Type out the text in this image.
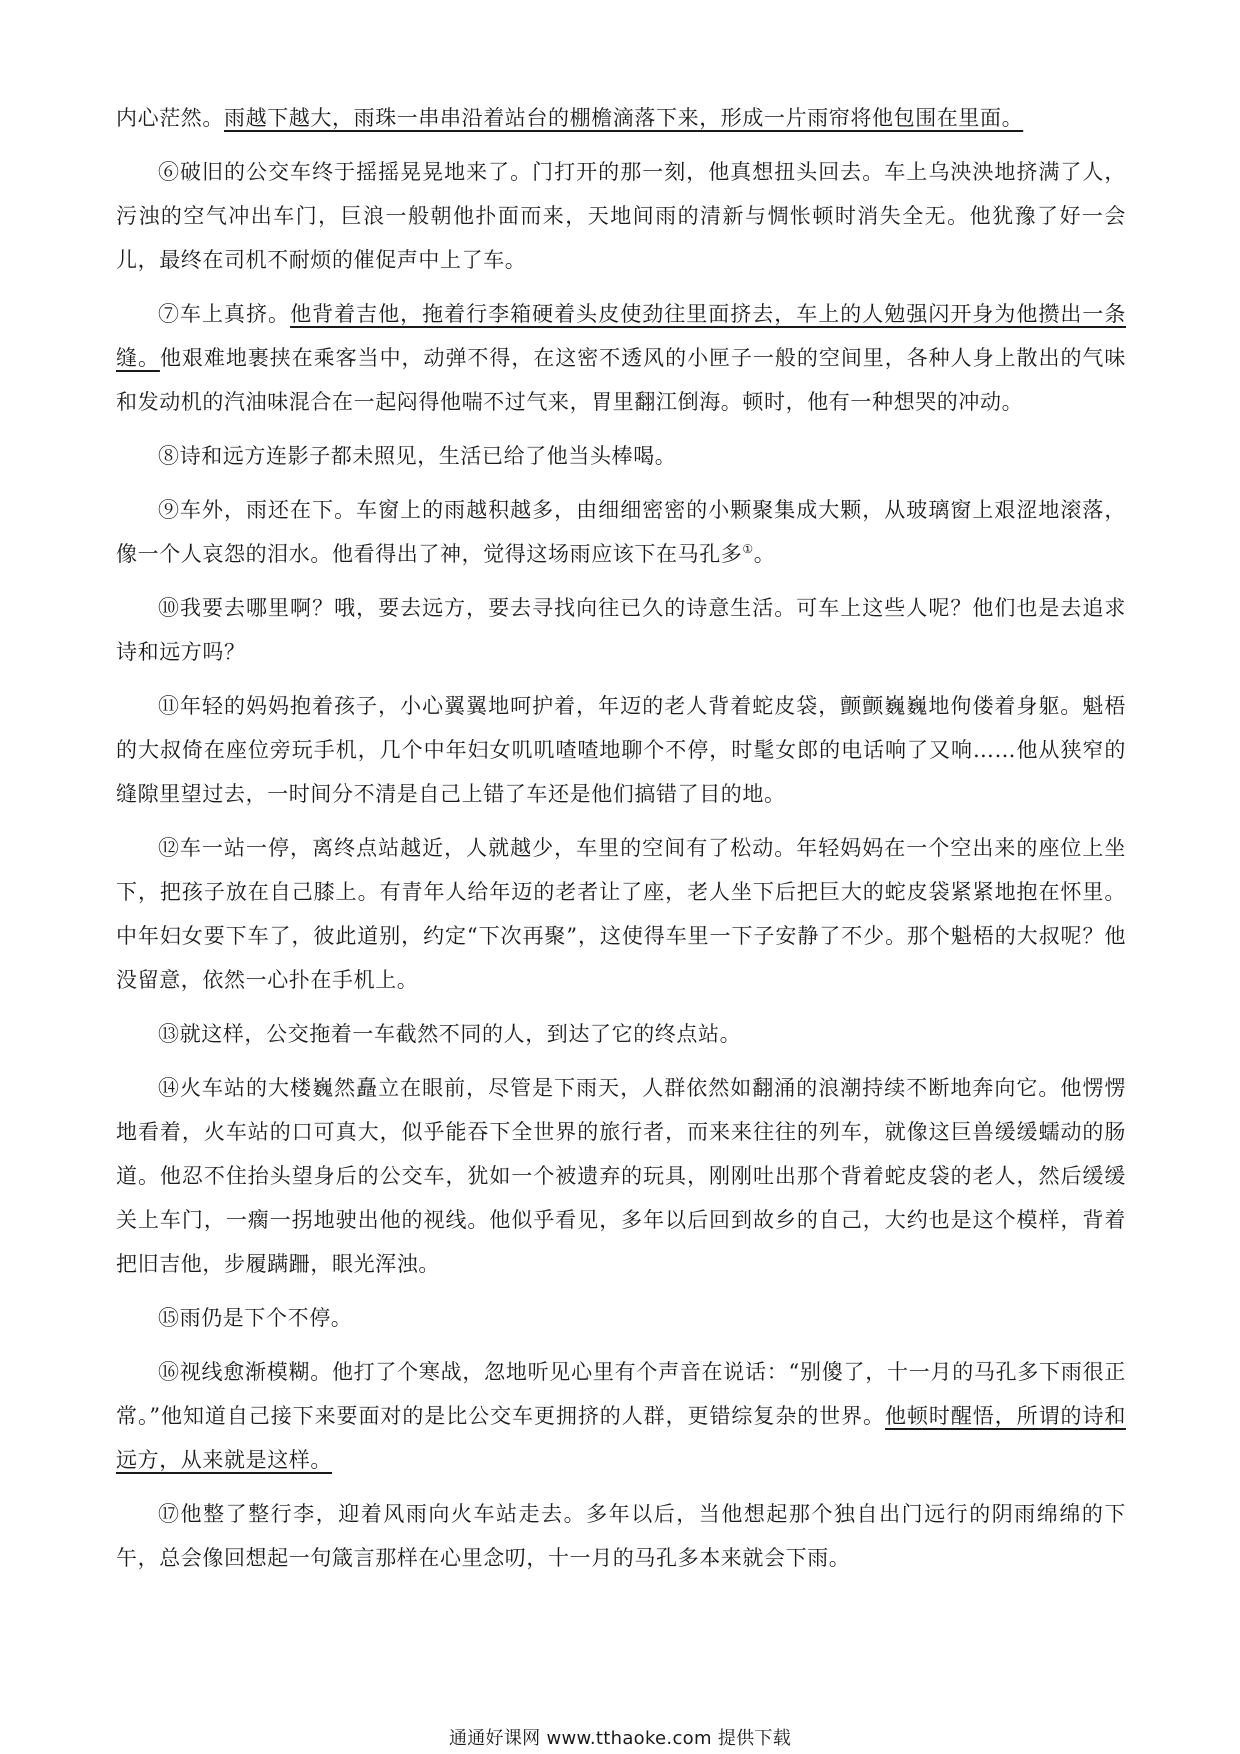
内心茫然。雨越下越大，雨珠一串串沿着站台的棚檐滴落下来，形成一片雨帘将他包围在里面。

⑥破旧的公交车终于摇摇晃晃地来了。门打开的那一刻，他真想扭头回去。车上乌泱泱地挤满了人，污浊的空气冲出车门，巨浪一般朝他扑面而来，天地间雨的清新与惆怅顿时消失全无。他犹豫了好一会儿，最终在司机不耐烦的催促声中上了车。

⑦车上真挤。他背着吉他，拖着行李箱硬着头皮使劲往里面挤去，车上的人勉强闪开身为他攒出一条缝。他艰难地裹挟在乘客当中，动弹不得，在这密不透风的小匣子一般的空间里，各种人身上散出的气味和发动机的汽油味混合在一起闷得他喘不过气来，胃里翻江倒海。顿时，他有一种想哭的冲动。

⑧诗和远方连影子都未照见，生活已给了他当头棒喝。

⑨车外，雨还在下。车窗上的雨越积越多，由细细密密的小颗聚集成大颗，从玻璃窗上艰涩地滚落，像一个人哀怨的泪水。他看得出了神，觉得这场雨应该下在马孔多①。

⑩我要去哪里啊？哦，要去远方，要去寻找向往已久的诗意生活。可车上这些人呢？他们也是去追求诗和远方吗？

⑪年轻的妈妈抱着孩子，小心翼翼地呵护着，年迈的老人背着蛇皮袋，颤颤巍巍地佝偻着身躯。魁梧的大叔倚在座位旁玩手机，几个中年妇女叽叽喳喳地聊个不停，时髦女郎的电话响了又响……他从狭窄的缝隙里望过去，一时间分不清是自己上错了车还是他们搞错了目的地。

⑫车一站一停，离终点站越近，人就越少，车里的空间有了松动。年轻妈妈在一个空出来的座位上坐下，把孩子放在自己膝上。有青年人给年迈的老者让了座，老人坐下后把巨大的蛇皮袋紧紧地抱在怀里。中年妇女要下车了，彼此道别，约定“下次再聚”，这使得车里一下子安静了不少。那个魁梧的大叔呢？他没留意，依然一心扑在手机上。

⑬就这样，公交拖着一车截然不同的人，到达了它的终点站。

⑭火车站的大楼巍然矗立在眼前，尽管是下雨天，人群依然如翻涌的浪潮持续不断地奔向它。他愣愣地看着，火车站的口可真大，似乎能吞下全世界的旅行者，而来来往往的列车，就像这巨兽缓缓蠕动的肠道。他忍不住抬头望身后的公交车，犹如一个被遗弃的玩具，刚刚吐出那个背着蛇皮袋的老人，然后缓缓关上车门，一瘸一拐地驶出他的视线。他似乎看见，多年以后回到故乡的自己，大约也是这个模样，背着把旧吉他，步履蹒跚，眼光浑浊。

⑮雨仍是下个不停。

⑯视线愈渐模糊。他打了个寒战，忽地听见心里有个声音在说话：“别傻了，十一月的马孔多下雨很正常。”他知道自己接下来要面对的是比公交车更拥挤的人群，更错综复杂的世界。他顿时醒悟，所谓的诗和远方，从来就是这样。

⑰他整了整行李，迎着风雨向火车站走去。多年以后，当他想起那个独自出门远行的阴雨绵绵的下午，总会像回想起一句箴言那样在心里念叨，十一月的马孔多本来就会下雨。

通通好课网 www.tthaoke.com 提供下载
